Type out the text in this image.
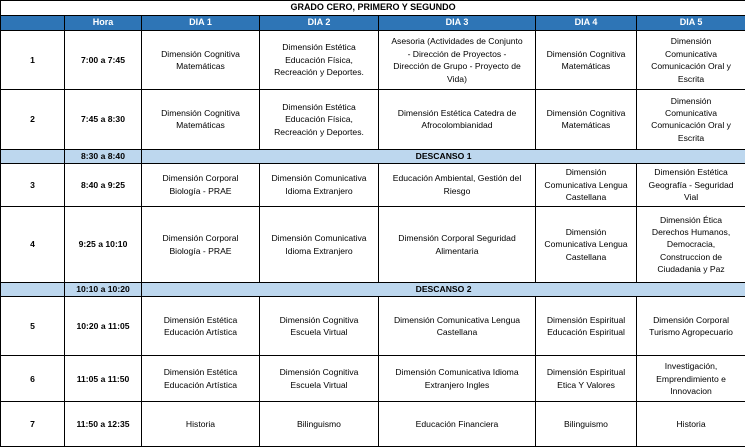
GRADO CERO, PRIMERO Y SEGUNDO						
	Hora	DIA 1	DIA 2	DIA 3	DIA 4	DIA 5
1	7:00 a 7:45	Dimensión Cognitiva
Matemáticas	Dimensión Estética
Educación Física,
Recreación y Deportes.	Asesoria (Actividades de Conjunto
- Dirección de Proyectos -
Dirección de Grupo - Proyecto de
Vida)	Dimensión Cognitiva
Matemáticas	Dimensión
Comunicativa
Comunicación Oral y
Escrita

2	7:45 a 8:30	Dimensión Cognitiva
Matemáticas	Dimensión Estética
Educación Física,
Recreación y Deportes.	Dimensión Estética Catedra de
Afrocolombianidad	Dimensión Cognitiva
Matemáticas	Dimensión
Comunicativa
Comunicación Oral y
Escrita

	8:30 a 8:40	DESCANSO 1				
3	8:40 a 9:25	Dimensión Corporal
Biología - PRAE	Dimensión Comunicativa
Idioma Extranjero	Educación Ambiental, Gestión del
Riesgo	Dimensión
Comunicativa Lengua
Castellana	Dimensión Estética
Geografía - Seguridad
Vial

4	9:25 a 10:10	Dimensión Corporal
Biología - PRAE	Dimensión Comunicativa
Idioma Extranjero	Dimensión Corporal Seguridad
Alimentaria	Dimensión
Comunicativa Lengua
Castellana	Dimensión Ética
Derechos Humanos,
Democracia,
Construccion de
Ciudadania y Paz

	10:10 a 10:20	DESCANSO 2				
5	10:20 a 11:05	Dimensión Estética
Educación Artística	Dimensión Cognitiva
Escuela Virtual	Dimensión Comunicativa Lengua
Castellana	Dimensión Espiritual
Educación Espiritual	Dimensión Corporal
Turismo Agropecuario

6	11:05 a 11:50	Dimensión Estética
Educación Artística	Dimensión Cognitiva
Escuela Virtual	Dimensión Comunicativa Idioma
Extranjero Ingles	Dimensión Espiritual
Etica Y Valores	Investigación,
Emprendimiento e
Innovacion

7	11:50 a 12:35	Historia	Bilinguismo	Educación Financiera	Bilinguismo	Historia
